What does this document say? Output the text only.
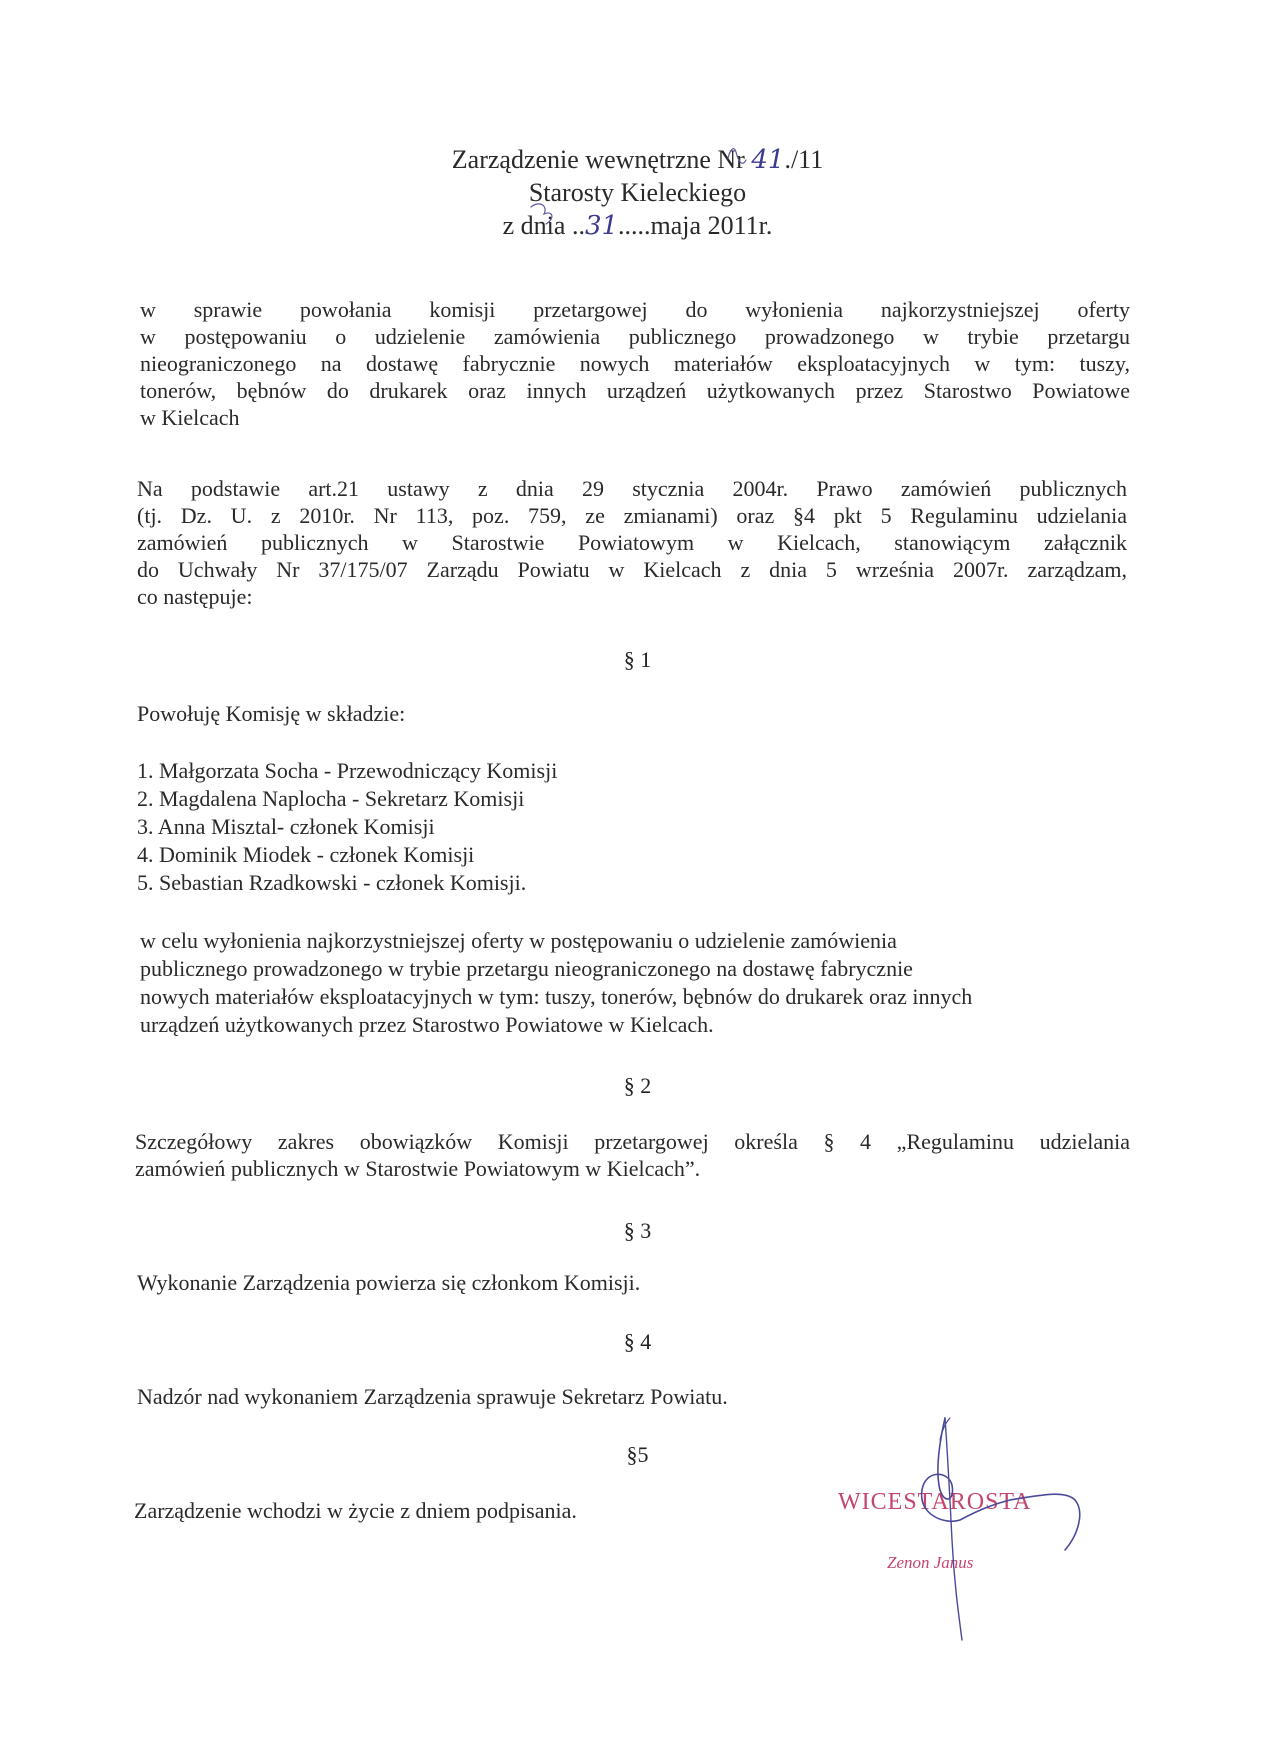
Zarządzenie wewnętrzne Nr 41./11
Starosty Kieleckiego
z dnia ..31.....maja 2011r.
w sprawie powołania komisji przetargowej do wyłonienia najkorzystniejszej oferty
w postępowaniu o udzielenie zamówienia publicznego prowadzonego w trybie przetargu
nieograniczonego na dostawę fabrycznie nowych materiałów eksploatacyjnych w tym: tuszy,
tonerów, bębnów do drukarek oraz innych urządzeń użytkowanych przez Starostwo Powiatowe
w Kielcach
Na podstawie art.21 ustawy z dnia 29 stycznia 2004r. Prawo zamówień publicznych
(tj. Dz. U. z 2010r. Nr 113, poz. 759, ze zmianami) oraz §4 pkt 5 Regulaminu udzielania
zamówień publicznych w Starostwie Powiatowym w Kielcach, stanowiącym załącznik
do Uchwały Nr 37/175/07 Zarządu Powiatu w Kielcach z dnia 5 września 2007r. zarządzam,
co następuje:
§ 1
Powołuję Komisję w składzie:
1. Małgorzata Socha - Przewodniczący Komisji
2. Magdalena Naplocha - Sekretarz Komisji
3. Anna Misztal- członek Komisji
4. Dominik Miodek - członek Komisji
5. Sebastian Rzadkowski - członek Komisji.
w celu wyłonienia najkorzystniejszej oferty w postępowaniu o udzielenie zamówienia
publicznego prowadzonego w trybie przetargu nieograniczonego na dostawę fabrycznie
nowych materiałów eksploatacyjnych w tym: tuszy, tonerów, bębnów do drukarek oraz innych
urządzeń użytkowanych przez Starostwo Powiatowe w Kielcach.
§ 2
Szczegółowy zakres obowiązków Komisji przetargowej określa § 4 „Regulaminu udzielania
zamówień publicznych w Starostwie Powiatowym w Kielcach”.
§ 3
Wykonanie Zarządzenia powierza się członkom Komisji.
§ 4
Nadzór nad wykonaniem Zarządzenia sprawuje Sekretarz Powiatu.
§5
Zarządzenie wchodzi w życie z dniem podpisania.	WICESTAROSTA
Zenon Janus
